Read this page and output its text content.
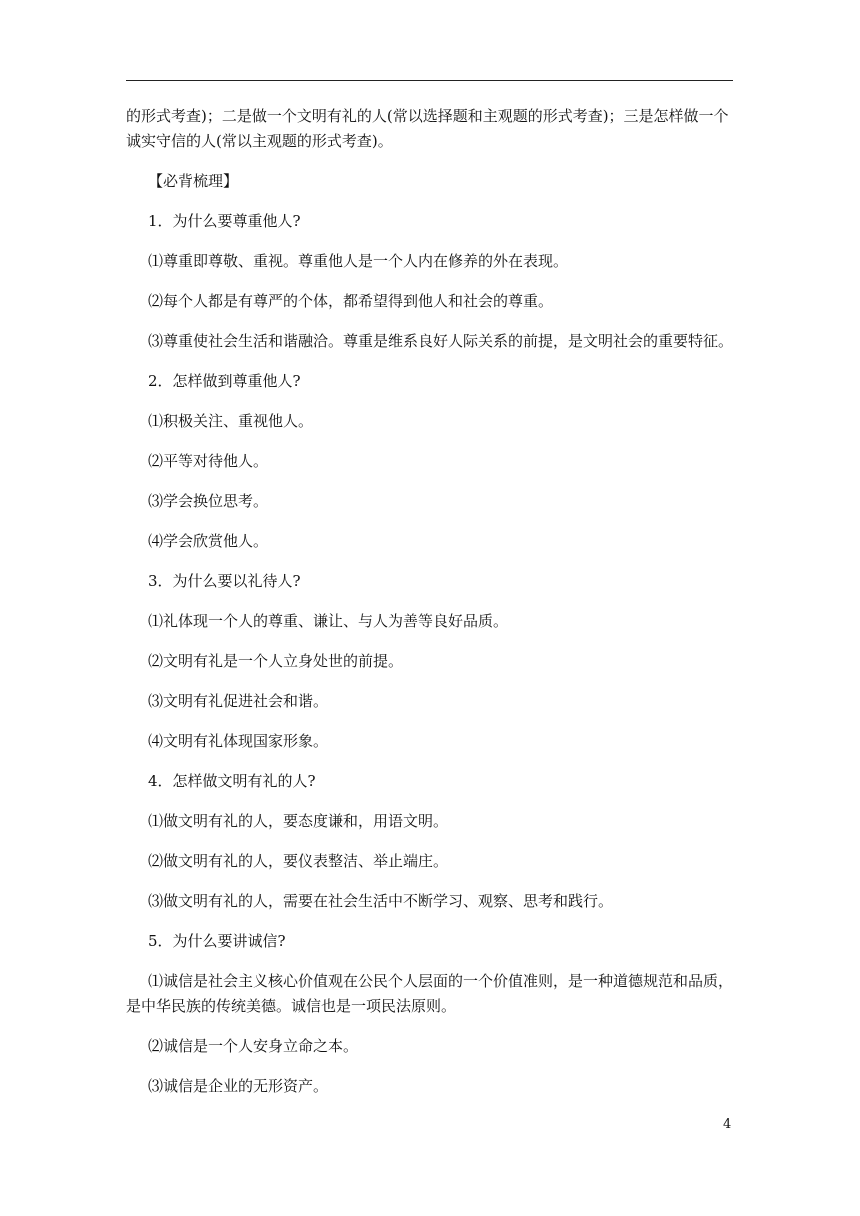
的形式考查)；二是做一个文明有礼的人(常以选择题和主观题的形式考查)；三是怎样做一个诚实守信的人(常以主观题的形式考查)。

【必背梳理】

1．为什么要尊重他人?

⑴尊重即尊敬、重视。尊重他人是一个人内在修养的外在表现。

⑵每个人都是有尊严的个体，都希望得到他人和社会的尊重。

⑶尊重使社会生活和谐融洽。尊重是维系良好人际关系的前提，是文明社会的重要特征。

2．怎样做到尊重他人?

⑴积极关注、重视他人。

⑵平等对待他人。

⑶学会换位思考。

⑷学会欣赏他人。

3．为什么要以礼待人?

⑴礼体现一个人的尊重、谦让、与人为善等良好品质。

⑵文明有礼是一个人立身处世的前提。

⑶文明有礼促进社会和谐。

⑷文明有礼体现国家形象。

4．怎样做文明有礼的人?

⑴做文明有礼的人，要态度谦和，用语文明。

⑵做文明有礼的人，要仪表整洁、举止端庄。

⑶做文明有礼的人，需要在社会生活中不断学习、观察、思考和践行。

5．为什么要讲诚信?

⑴诚信是社会主义核心价值观在公民个人层面的一个价值准则，是一种道德规范和品质，是中华民族的传统美德。诚信也是一项民法原则。

⑵诚信是一个人安身立命之本。

⑶诚信是企业的无形资产。

4
